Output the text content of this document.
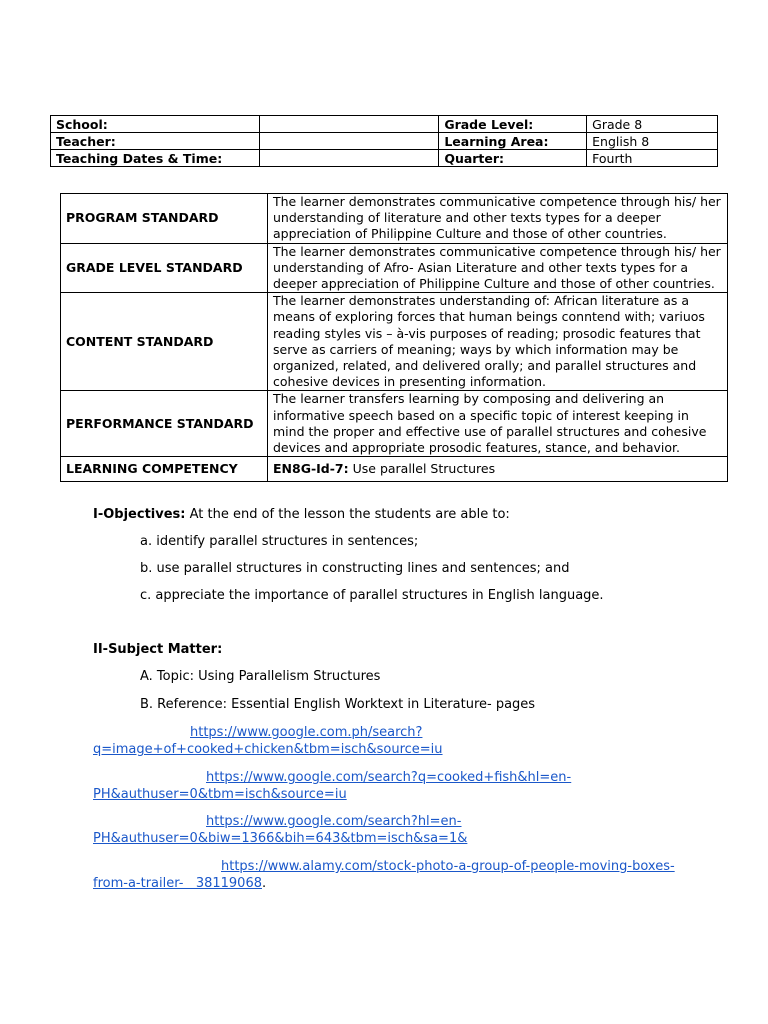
School:		Grade Level:	Grade 8
Teacher:		Learning Area:	English 8
Teaching Dates & Time:		Quarter:	Fourth
PROGRAM STANDARD	The learner demonstrates communicative competence through his/ her understanding of literature and other texts types for a deeper appreciation of Philippine Culture and those of other countries.
GRADE LEVEL STANDARD	The learner demonstrates communicative competence through his/ her understanding of Afro- Asian Literature and other texts types for a deeper appreciation of Philippine Culture and those of other countries.
CONTENT STANDARD	The learner demonstrates understanding of: African literature as a means of exploring forces that human beings conntend with; variuos reading styles vis – à-vis purposes of reading; prosodic features that serve as carriers of meaning; ways by which information may be organized, related, and delivered orally; and parallel structures and cohesive devices in presenting information.
PERFORMANCE STANDARD	The learner transfers learning by composing and delivering an informative speech based on a specific topic of interest keeping in mind the proper and effective use of parallel structures and cohesive devices and appropriate prosodic features, stance, and behavior.
LEARNING COMPETENCY	EN8G-Id-7: Use parallel Structures
I-Objectives: At the end of the lesson the students are able to:
a. identify parallel structures in sentences;
b. use parallel structures in constructing lines and sentences; and
c. appreciate the importance of parallel structures in English language.
II-Subject Matter:
A. Topic: Using Parallelism Structures
B. Reference: Essential English Worktext in Literature- pages
https://www.google.com.ph/search?
q=image+of+cooked+chicken&tbm=isch&source=iu
https://www.google.com/search?q=cooked+fish&hl=en-
PH&authuser=0&tbm=isch&source=iu
https://www.google.com/search?hl=en-
PH&authuser=0&biw=1366&bih=643&tbm=isch&sa=1&
https://www.alamy.com/stock-photo-a-group-of-people-moving-boxes-
from-a-trailer-   38119068.
